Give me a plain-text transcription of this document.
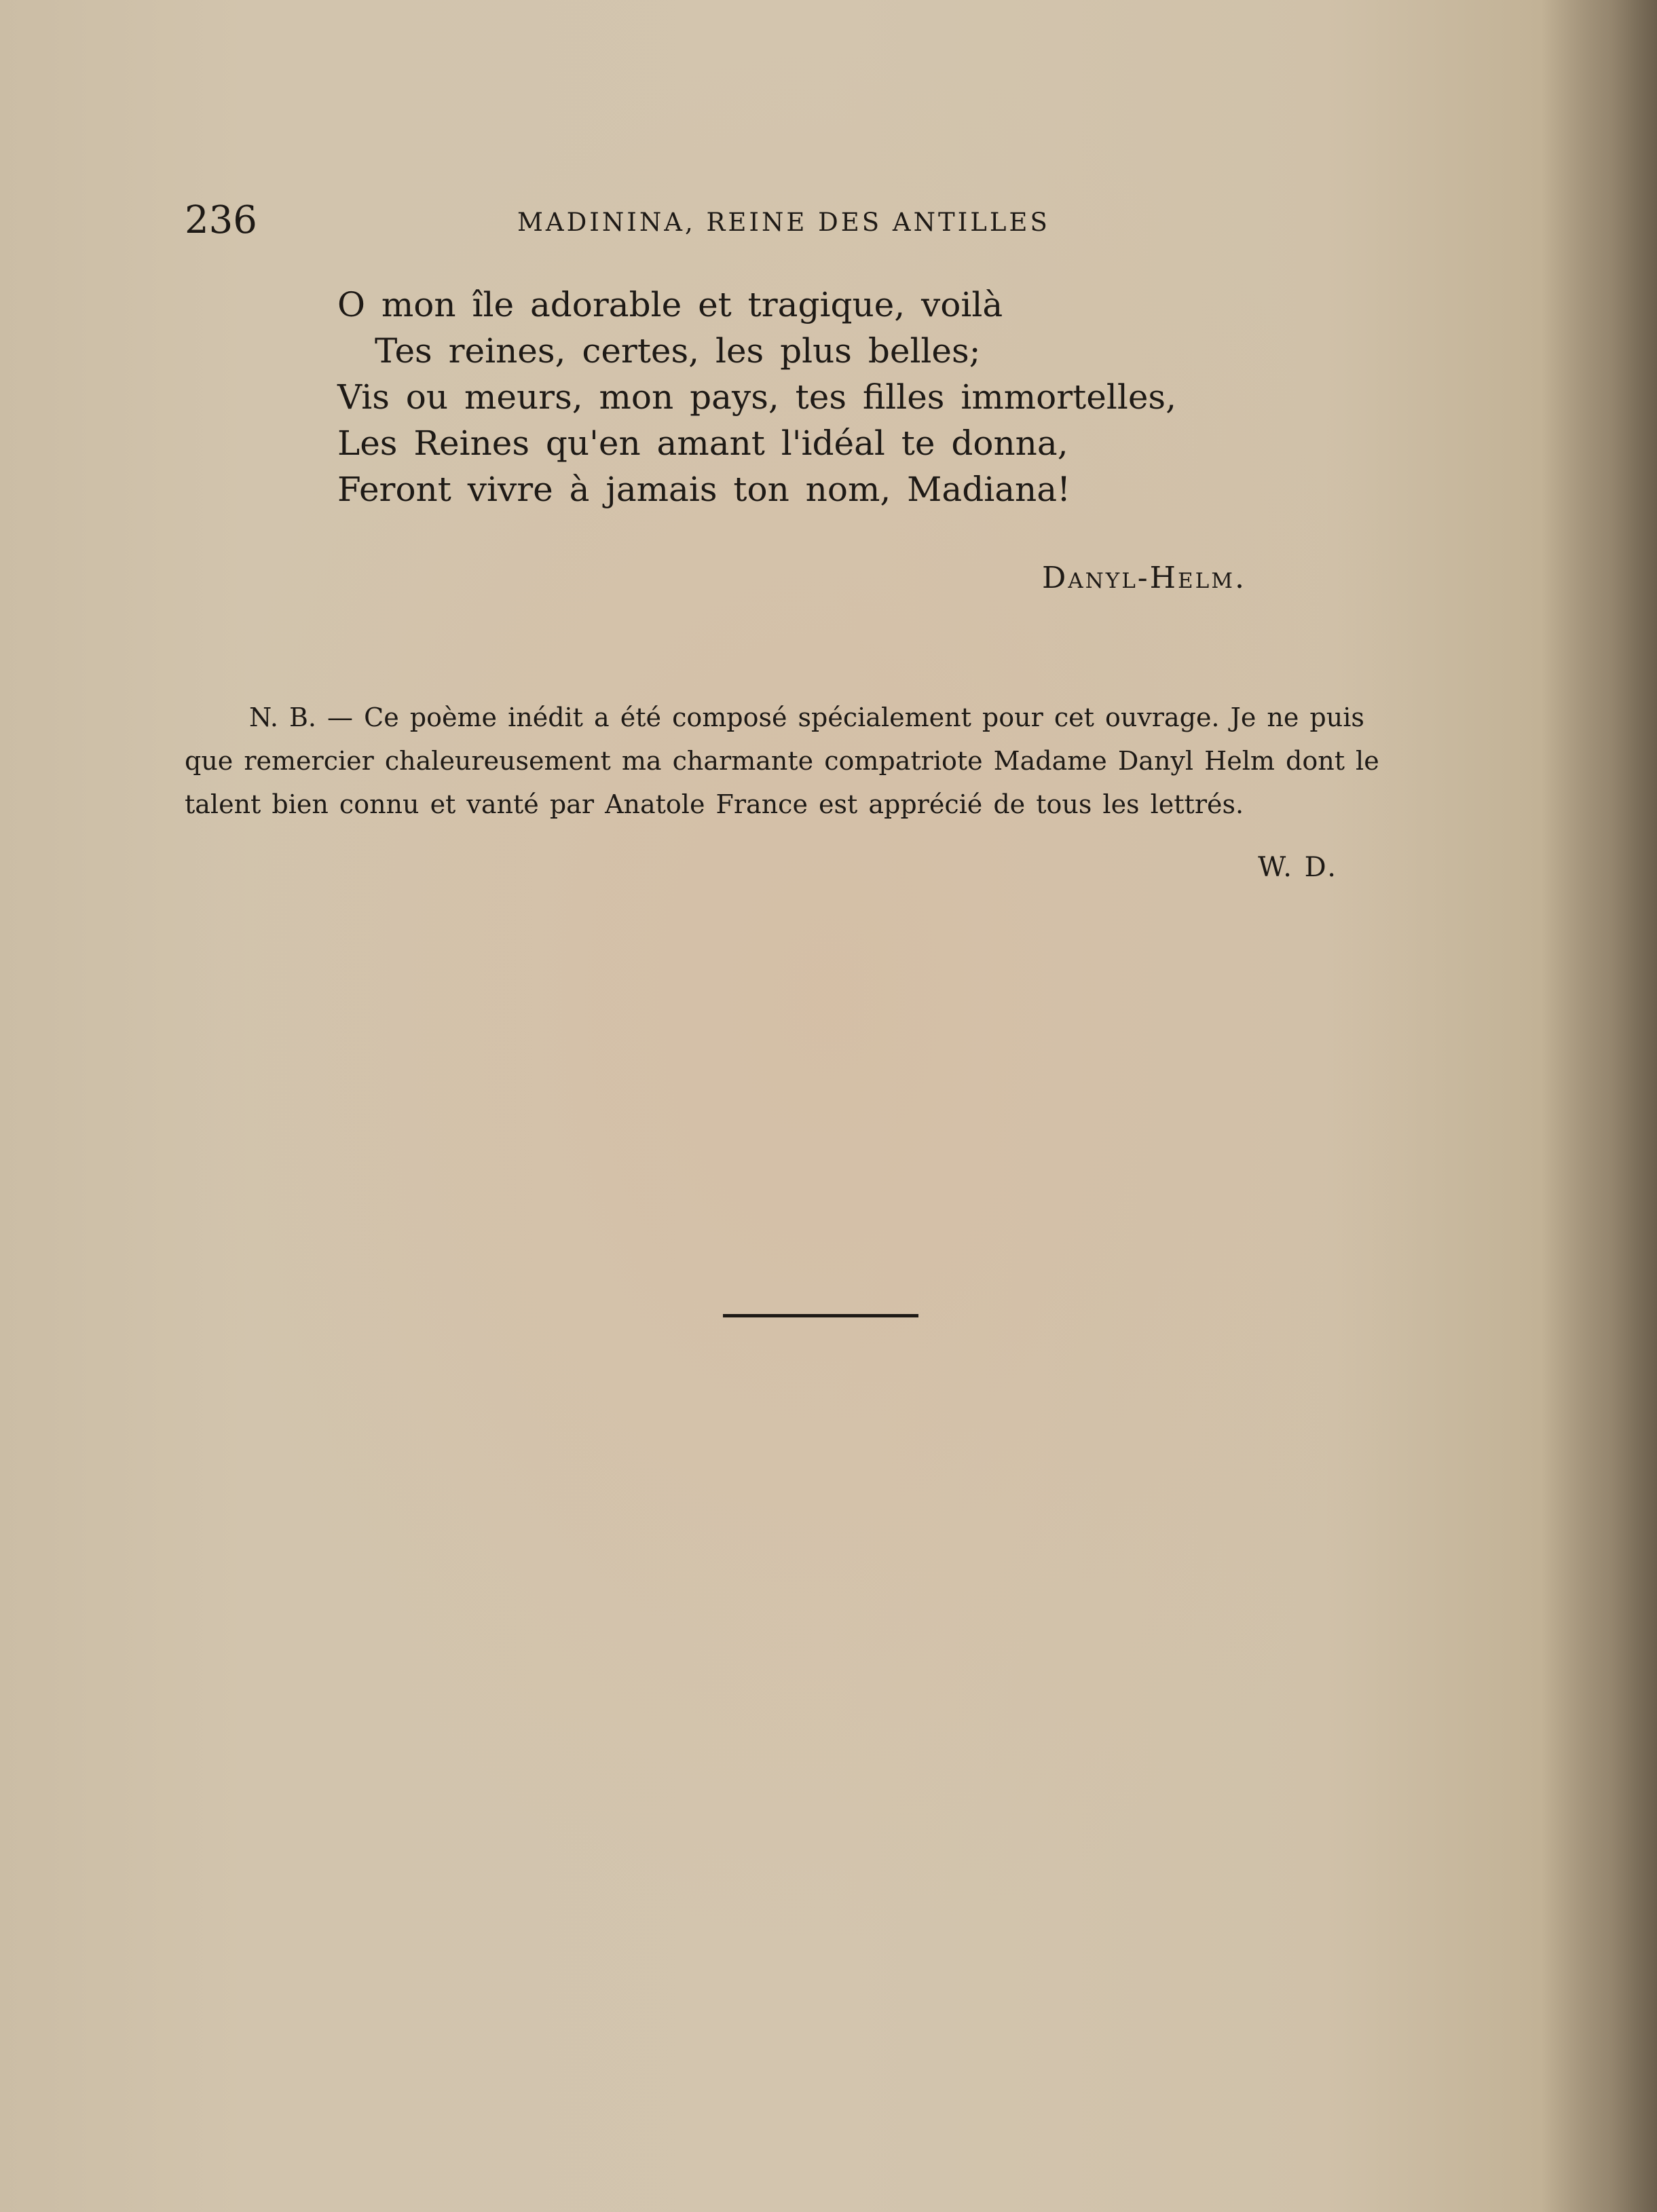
236	MADININA, REINE DES ANTILLES
O mon île adorable et tragique, voilà
Tes reines, certes, les plus belles;
Vis ou meurs, mon pays, tes filles immortelles,
Les Reines qu'en amant l'idéal te donna,
Feront vivre à jamais ton nom, Madiana!
Danyl-Helm.
N. B. — Ce poème inédit a été composé spécialement pour cet ouvrage. Je ne puis
que remercier chaleureusement ma charmante compatriote Madame Danyl Helm dont le
talent bien connu et vanté par Anatole France est apprécié de tous les lettrés.
W. D.
